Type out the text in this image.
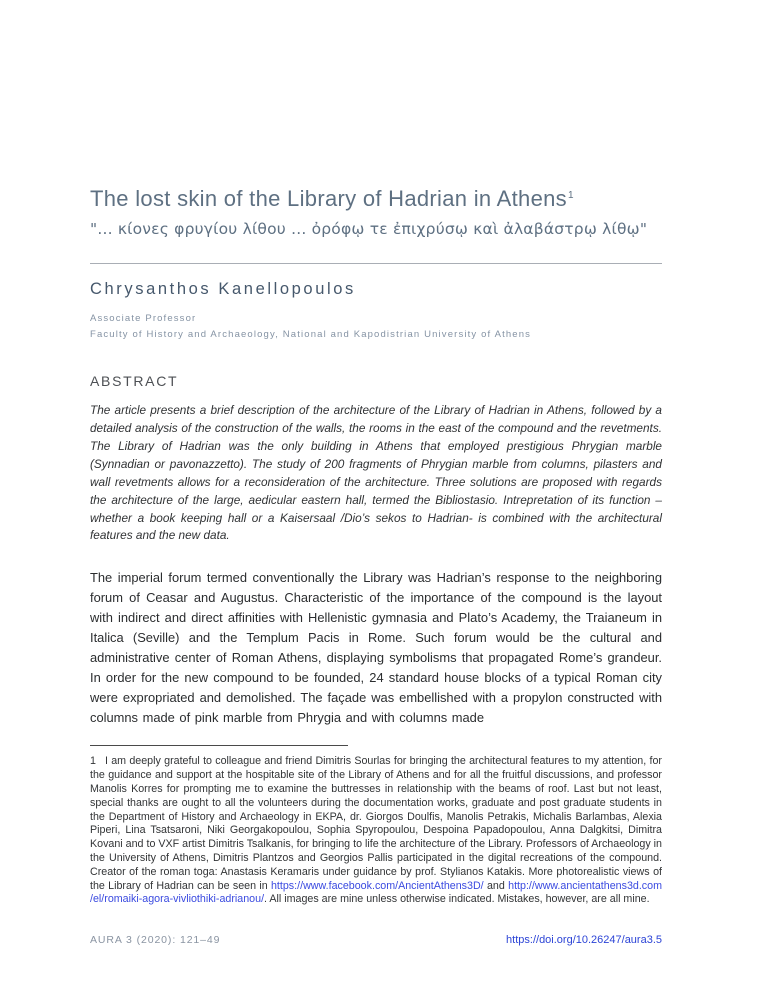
The lost skin of the Library of Hadrian in Athens$^1$
"... κίονες φρυγίου λίθου ... ὀρόφῳ τε ἐπιχρύσῳ καὶ ἀλαβάστρῳ λίθῳ"
Chrysanthos Kanellopoulos
Associate Professor
Faculty of History and Archaeology, National and Kapodistrian University of Athens
ABSTRACT

The article presents a brief description of the architecture of the Library of Hadrian in Athens, followed by a detailed analysis of the construction of the walls, the rooms in the east of the compound and the revetments. The Library of Hadrian was the only building in Athens that employed prestigious Phrygian marble (Synnadian or pavonazzetto). The study of 200 fragments of Phrygian marble from columns, pilasters and wall revetments allows for a reconsideration of the architecture. Three solutions are proposed with regards the architecture of the large, aedicular eastern hall, termed the Bibliostasio. Intrepretation of its function –whether a book keeping hall or a Kaisersaal /Dio’s sekos to Hadrian- is combined with the architectural features and the new data.

The imperial forum termed conventionally the Library was Hadrian’s response to the neighboring forum of Ceasar and Augustus. Characteristic of the importance of the compound is the layout with indirect and direct affinities with Hellenistic gymnasia and Plato’s Academy, the Traianeum in Italica (Seville) and the Templum Pacis in Rome. Such forum would be the cultural and administrative center of Roman Athens, displaying symbolisms that propagated Rome’s grandeur. In order for the new compound to be founded, 24 standard house blocks of a typical Roman city were expropriated and demolished. The façade was embellished with a propylon constructed with columns made of pink marble from Phrygia and with columns made

1 I am deeply grateful to colleague and friend Dimitris Sourlas for bringing the architectural features to my attention, for the guidance and support at the hospitable site of the Library of Athens and for all the fruitful discussions, and professor Manolis Korres for prompting me to examine the buttresses in relationship with the beams of roof. Last but not least, special thanks are ought to all the volunteers during the documentation works, graduate and post graduate students in the Department of History and Archaeology in EKPA, dr. Giorgos Doulfis, Manolis Petrakis, Michalis Barlambas, Alexia Piperi, Lina Tsatsaroni, Niki Georgakopoulou, Sophia Spyropoulou, Despoina Papadopoulou, Anna Dalgkitsi, Dimitra Kovani and to VXF artist Dimitris Tsalkanis, for bringing to life the architecture of the Library. Professors of Archaeology in the University of Athens, Dimitris Plantzos and Georgios Pallis participated in the digital recreations of the compound. Creator of the roman toga: Anastasis Keramaris under guidance by prof. Stylianos Katakis. More photorealistic views of the Library of Hadrian can be seen in https://www.facebook.com/AncientAthens3D/ and http://www.ancientathens3d.com /el/romaiki-agora-vivliothiki-adrianou/. All images are mine unless otherwise indicated. Mistakes, however, are all mine.

AURA 3 (2020): 121–49	https://doi.org/10.26247/aura3.5
